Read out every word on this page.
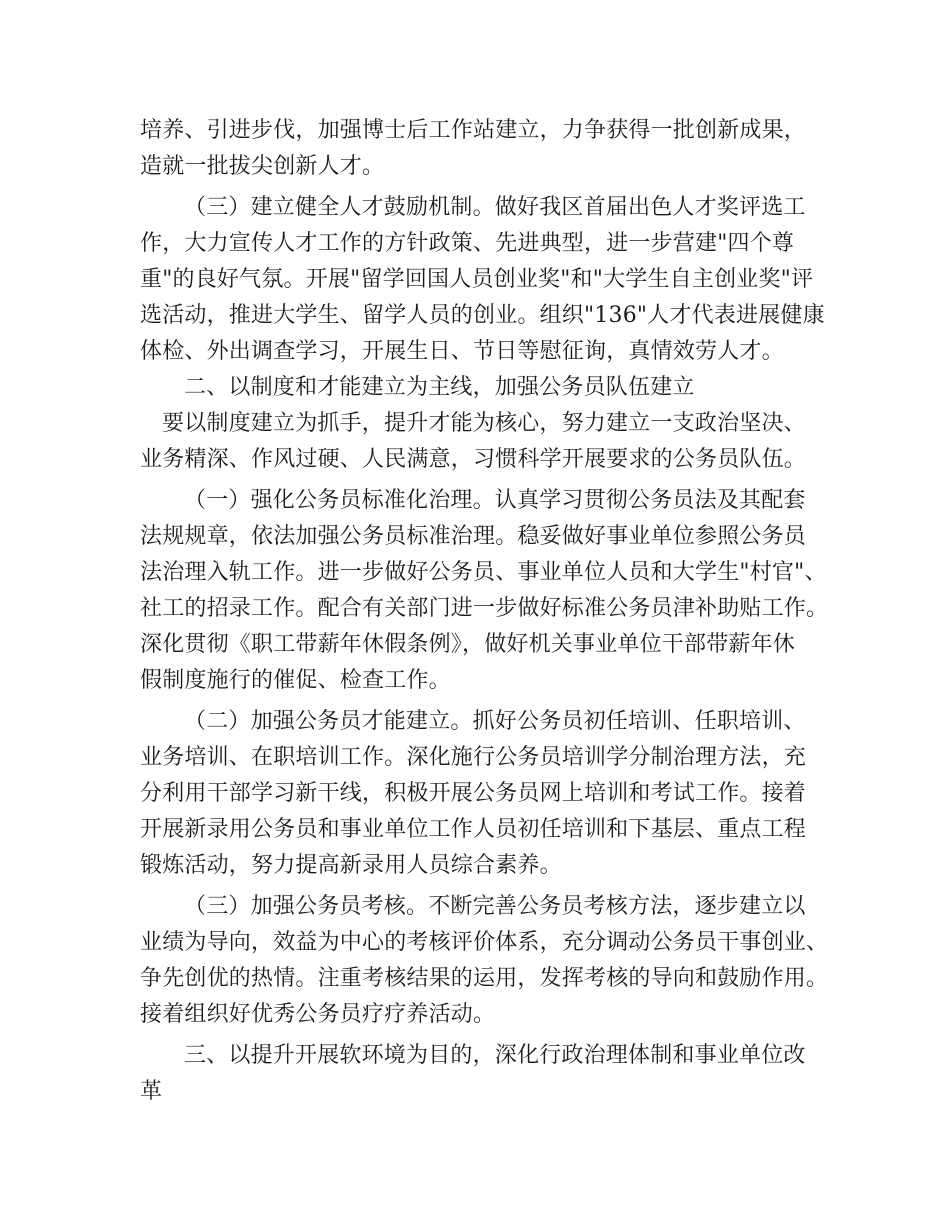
培养、引进步伐，加强博士后工作站建立，力争获得一批创新成果，
造就一批拔尖创新人才。
（三）建立健全人才鼓励机制。做好我区首届出色人才奖评选工
作，大力宣传人才工作的方针政策、先进典型，进一步营建"四个尊
重"的良好气氛。开展"留学回国人员创业奖"和"大学生自主创业奖"评
选活动，推进大学生、留学人员的创业。组织"136"人才代表进展健康
体检、外出调查学习，开展生日、节日等慰征询，真情效劳人才。
二、以制度和才能建立为主线，加强公务员队伍建立
要以制度建立为抓手，提升才能为核心，努力建立一支政治坚决、
业务精深、作风过硬、人民满意，习惯科学开展要求的公务员队伍。
（一）强化公务员标准化治理。认真学习贯彻公务员法及其配套
法规规章，依法加强公务员标准治理。稳妥做好事业单位参照公务员
法治理入轨工作。进一步做好公务员、事业单位人员和大学生"村官"、
社工的招录工作。配合有关部门进一步做好标准公务员津补助贴工作。
深化贯彻《职工带薪年休假条例》，做好机关事业单位干部带薪年休
假制度施行的催促、检查工作。
（二）加强公务员才能建立。抓好公务员初任培训、任职培训、
业务培训、在职培训工作。深化施行公务员培训学分制治理方法，充
分利用干部学习新干线，积极开展公务员网上培训和考试工作。接着
开展新录用公务员和事业单位工作人员初任培训和下基层、重点工程
锻炼活动，努力提高新录用人员综合素养。
（三）加强公务员考核。不断完善公务员考核方法，逐步建立以
业绩为导向，效益为中心的考核评价体系，充分调动公务员干事创业、
争先创优的热情。注重考核结果的运用，发挥考核的导向和鼓励作用。
接着组织好优秀公务员疗疗养活动。
三、以提升开展软环境为目的，深化行政治理体制和事业单位改
革
